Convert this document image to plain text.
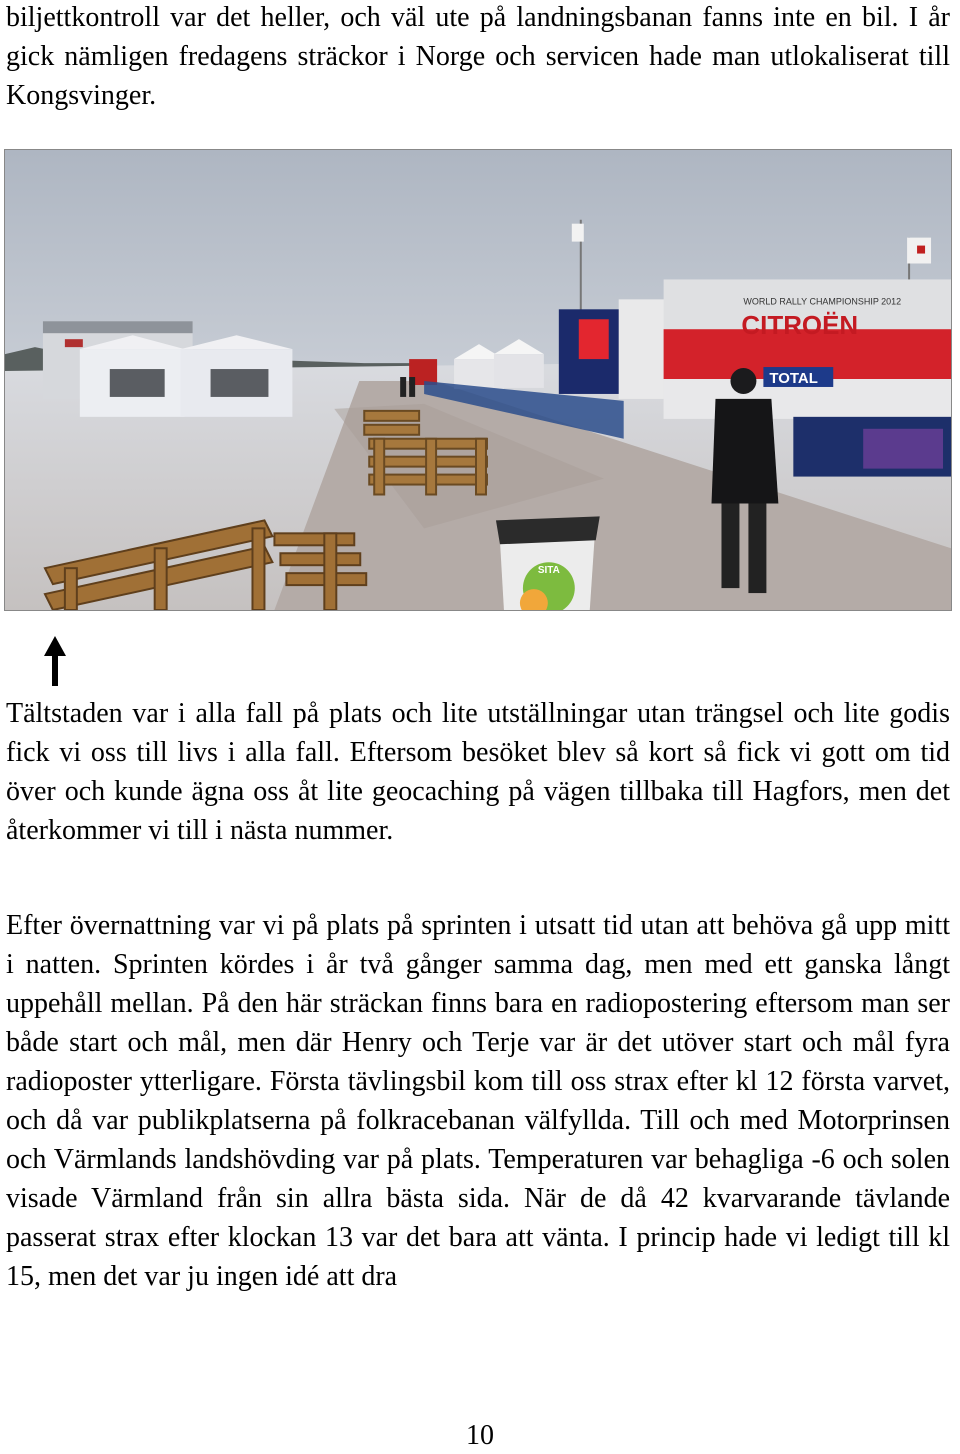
biljettkontroll var det heller, och väl ute på landningsbanan fanns inte en bil. I år gick nämligen fredagens sträckor i Norge och servicen hade man utlokaliserat till Kongsvinger.

CITROËN
WORLD RALLY CHAMPIONSHIP 2012
TOTAL
SITA

Tältstaden var i alla fall på plats och lite utställningar utan trängsel och lite godis fick vi oss till livs i alla fall. Eftersom besöket blev så kort så fick vi gott om tid över och kunde ägna oss åt lite geocaching på vägen tillbaka till Hagfors, men det återkommer vi till i nästa nummer.

Efter övernattning var vi på plats på sprinten i utsatt tid utan att behöva gå upp mitt i natten. Sprinten kördes i år två gånger samma dag, men med ett ganska långt uppehåll mellan. På den här sträckan finns bara en radiopostering eftersom man ser både start och mål, men där Henry och Terje var är det utöver start och mål fyra radioposter ytterligare. Första tävlingsbil kom till oss strax efter kl 12 första varvet, och då var publikplatserna på folkracebanan välfyllda. Till och med Motorprinsen och Värmlands landshövding var på plats. Temperaturen var behagliga -6 och solen visade Värmland från sin allra bästa sida. När de då 42 kvarvarande tävlande passerat strax efter klockan 13 var det bara att vänta. I princip hade vi ledigt till kl 15, men det var ju ingen idé att dra

10
